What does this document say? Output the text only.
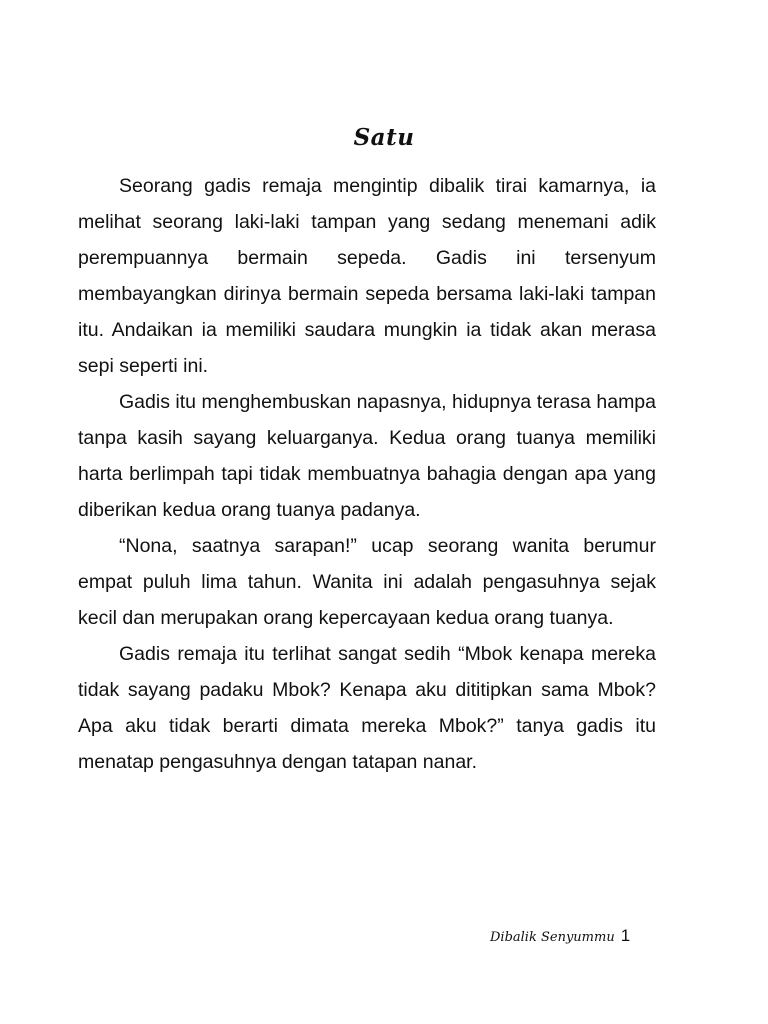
Satu

Seorang gadis remaja mengintip dibalik tirai kamarnya, ia melihat seorang laki-laki tampan yang sedang menemani adik perempuannya bermain sepeda. Gadis ini tersenyum membayangkan dirinya bermain sepeda bersama laki-laki tampan itu. Andaikan ia memiliki saudara mungkin ia tidak akan merasa sepi seperti ini.

Gadis itu menghembuskan napasnya, hidupnya terasa hampa tanpa kasih sayang keluarganya. Kedua orang tuanya memiliki harta berlimpah tapi tidak membuatnya bahagia dengan apa yang diberikan kedua orang tuanya padanya.

“Nona, saatnya sarapan!” ucap seorang wanita berumur empat puluh lima tahun. Wanita ini adalah pengasuhnya sejak kecil dan merupakan orang kepercayaan kedua orang tuanya.

Gadis remaja itu terlihat sangat sedih “Mbok kenapa mereka tidak sayang padaku Mbok? Kenapa aku dititipkan sama Mbok? Apa aku tidak berarti dimata mereka Mbok?” tanya gadis itu menatap pengasuhnya dengan tatapan nanar.

Dibalik Senyummu 1
